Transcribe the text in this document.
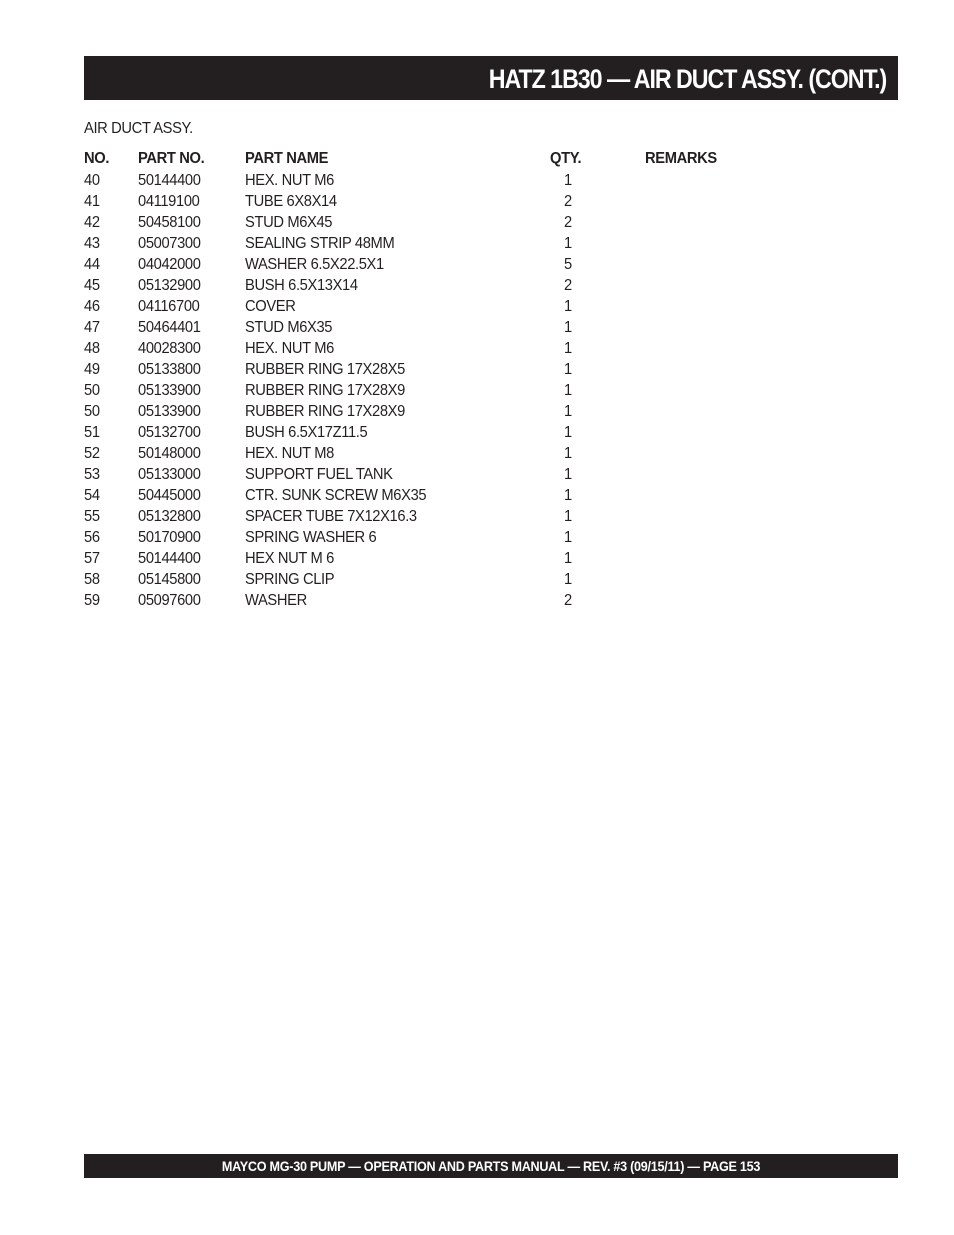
HATZ 1B30 — AIR DUCT ASSY. (CONT.)
AIR DUCT ASSY.
NO.	PART NO.	PART NAME	QTY.	REMARKS
40	50144400	HEX. NUT M6	1	
41	04119100	TUBE 6X8X14	2	
42	50458100	STUD M6X45	2	
43	05007300	SEALING STRIP 48MM	1	
44	04042000	WASHER 6.5X22.5X1	5	
45	05132900	BUSH 6.5X13X14	2	
46	04116700	COVER	1	
47	50464401	STUD M6X35	1	
48	40028300	HEX. NUT M6	1	
49	05133800	RUBBER RING 17X28X5	1	
50	05133900	RUBBER RING 17X28X9	1	
50	05133900	RUBBER RING 17X28X9	1	
51	05132700	BUSH 6.5X17Z11.5	1	
52	50148000	HEX. NUT M8	1	
53	05133000	SUPPORT FUEL TANK	1	
54	50445000	CTR. SUNK SCREW M6X35	1	
55	05132800	SPACER TUBE 7X12X16.3	1	
56	50170900	SPRING WASHER 6	1	
57	50144400	HEX NUT M 6	1	
58	05145800	SPRING CLIP	1	
59	05097600	WASHER	2	
MAYCO MG-30 PUMP — OPERATION AND PARTS MANUAL — REV. #3 (09/15/11) — PAGE 153
